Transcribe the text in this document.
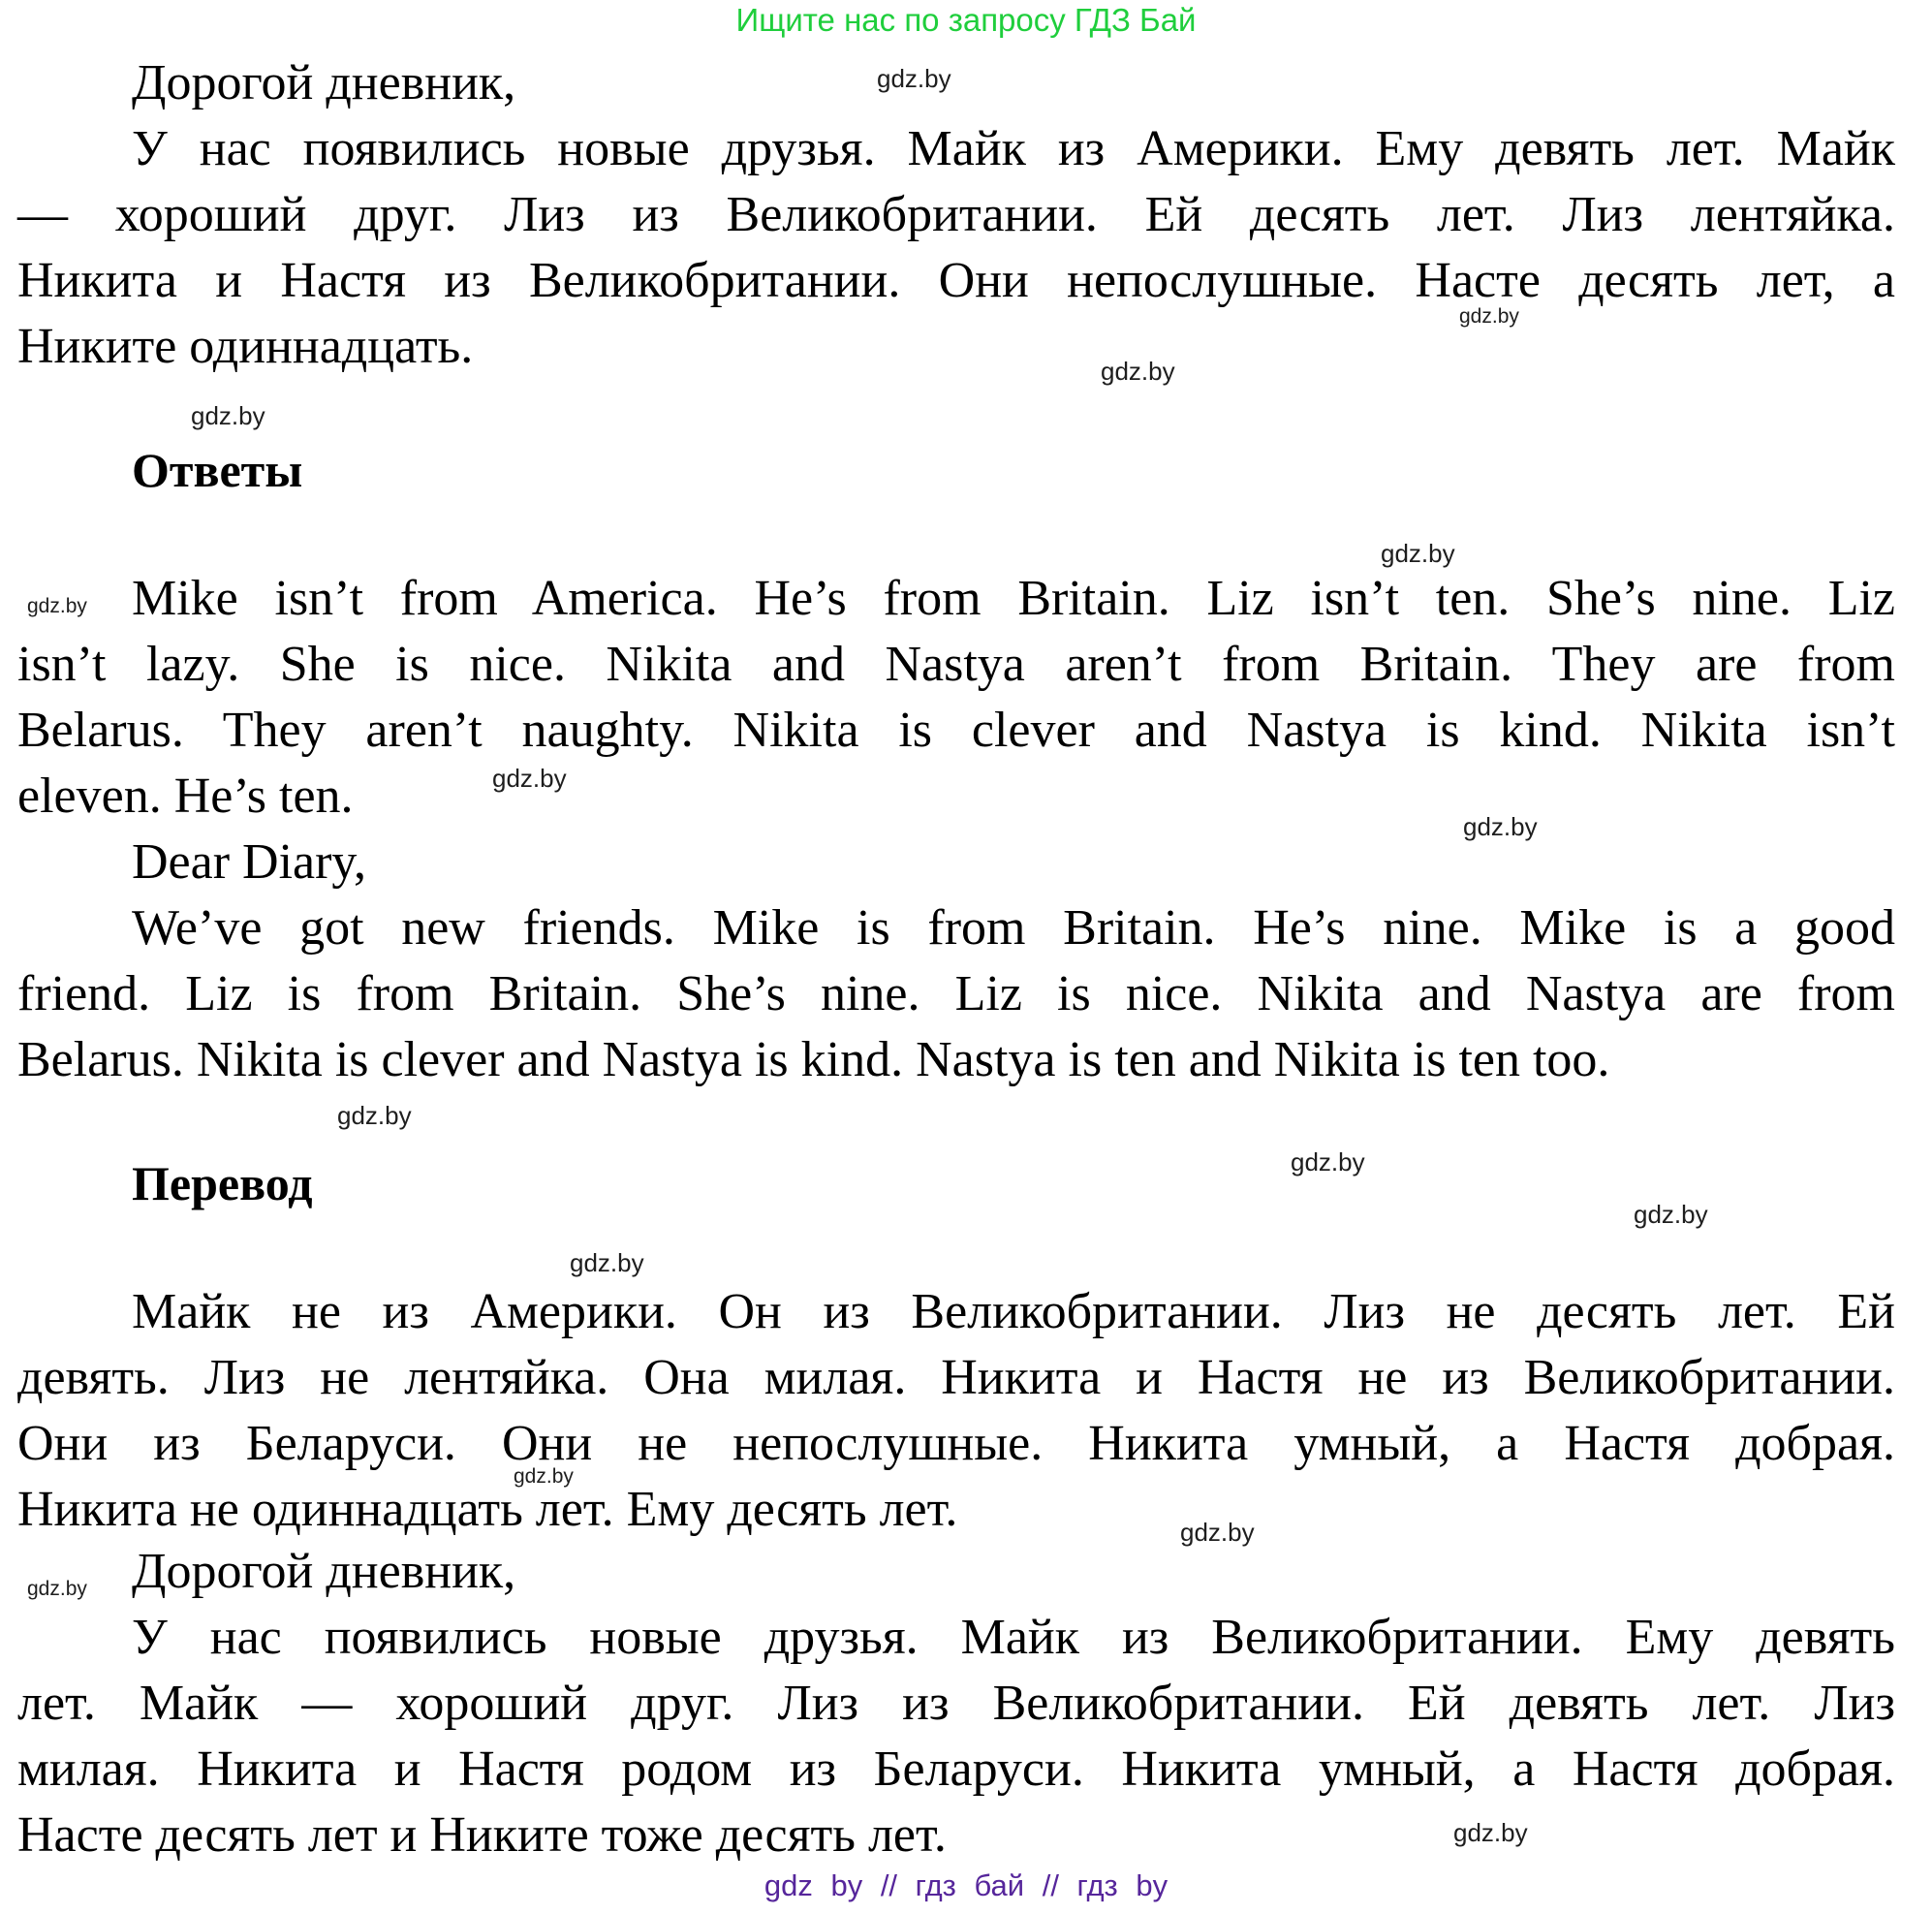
Ищите нас по запросу ГДЗ Бай
Дорогой дневник,
У нас появились новые друзья. Майк из Америки. Ему девять лет. Майк
— хороший друг. Лиз из Великобритании. Ей десять лет. Лиз лентяйка.
Никита и Настя из Великобритании. Они непослушные. Насте десять лет, а
Никите одиннадцать.
Ответы
Mike isn’t from America. He’s from Britain. Liz isn’t ten. She’s nine. Liz
isn’t lazy. She is nice. Nikita and Nastya aren’t from Britain. They are from
Belarus. They aren’t naughty. Nikita is clever and Nastya is kind. Nikita isn’t
eleven. He’s ten.
Dear Diary,
We’ve got new friends. Mike is from Britain. He’s nine. Mike is a good
friend. Liz is from Britain. She’s nine. Liz is nice. Nikita and Nastya are from
Belarus. Nikita is clever and Nastya is kind. Nastya is ten and Nikita is ten too.
Перевод
Майк не из Америки. Он из Великобритании. Лиз не десять лет. Ей
девять. Лиз не лентяйка. Она милая. Никита и Настя не из Великобритании.
Они из Беларуси. Они не непослушные. Никита умный, а Настя добрая.
Никита не одиннадцать лет. Ему десять лет.
Дорогой дневник,
У нас появились новые друзья. Майк из Великобритании. Ему девять
лет. Майк — хороший друг. Лиз из Великобритании. Ей девять лет. Лиз
милая. Никита и Настя родом из Беларуси. Никита умный, а Настя добрая.
Насте десять лет и Никите тоже десять лет.
gdz.by
gdz.by
gdz.by
gdz.by
gdz.by
gdz.by
gdz.by
gdz.by
gdz.by
gdz.by
gdz.by
gdz.by
gdz.by
gdz.by
gdz.by
gdz.by
gdz by // гдз бай // гдз by
